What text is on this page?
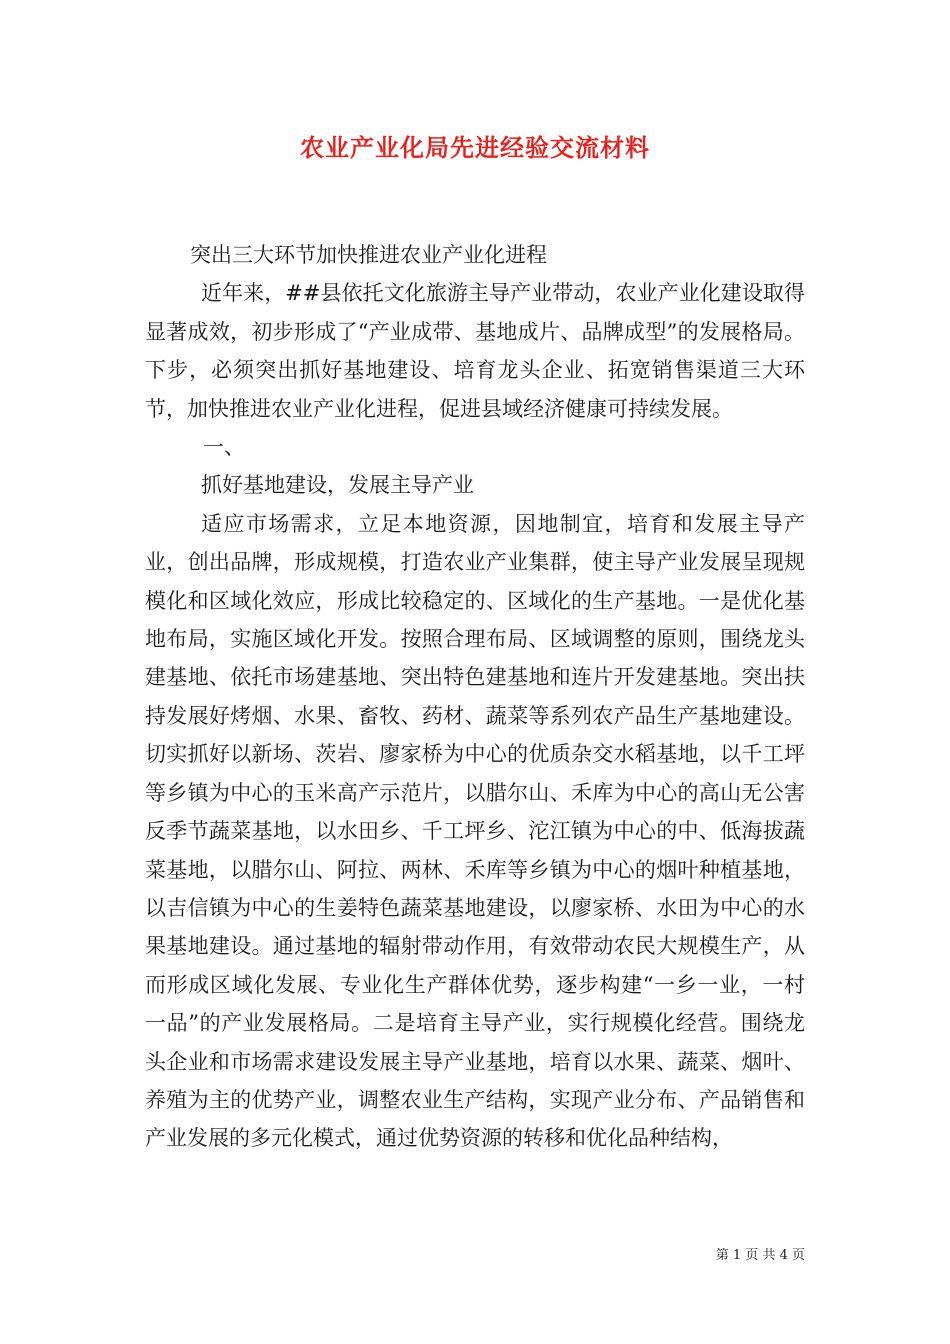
农业产业化局先进经验交流材料

突出三大环节加快推进农业产业化进程

近年来，##县依托文化旅游主导产业带动，农业产业化建设取得显著成效，初步形成了“产业成带、基地成片、品牌成型”的发展格局。下步，必须突出抓好基地建设、培育龙头企业、拓宽销售渠道三大环节，加快推进农业产业化进程，促进县域经济健康可持续发展。

一、

抓好基地建设，发展主导产业

适应市场需求，立足本地资源，因地制宜，培育和发展主导产业，创出品牌，形成规模，打造农业产业集群，使主导产业发展呈现规模化和区域化效应，形成比较稳定的、区域化的生产基地。一是优化基地布局，实施区域化开发。按照合理布局、区域调整的原则，围绕龙头建基地、依托市场建基地、突出特色建基地和连片开发建基地。突出扶持发展好烤烟、水果、畜牧、药材、蔬菜等系列农产品生产基地建设。切实抓好以新场、茨岩、廖家桥为中心的优质杂交水稻基地，以千工坪等乡镇为中心的玉米高产示范片，以腊尔山、禾库为中心的高山无公害反季节蔬菜基地，以水田乡、千工坪乡、沱江镇为中心的中、低海拔蔬菜基地，以腊尔山、阿拉、两林、禾库等乡镇为中心的烟叶种植基地，以吉信镇为中心的生姜特色蔬菜基地建设，以廖家桥、水田为中心的水果基地建设。通过基地的辐射带动作用，有效带动农民大规模生产，从而形成区域化发展、专业化生产群体优势，逐步构建“一乡一业，一村一品”的产业发展格局。二是培育主导产业，实行规模化经营。围绕龙头企业和市场需求建设发展主导产业基地，培育以水果、蔬菜、烟叶、养殖为主的优势产业，调整农业生产结构，实现产业分布、产品销售和产业发展的多元化模式，通过优势资源的转移和优化品种结构，

第 1 页 共 4 页
